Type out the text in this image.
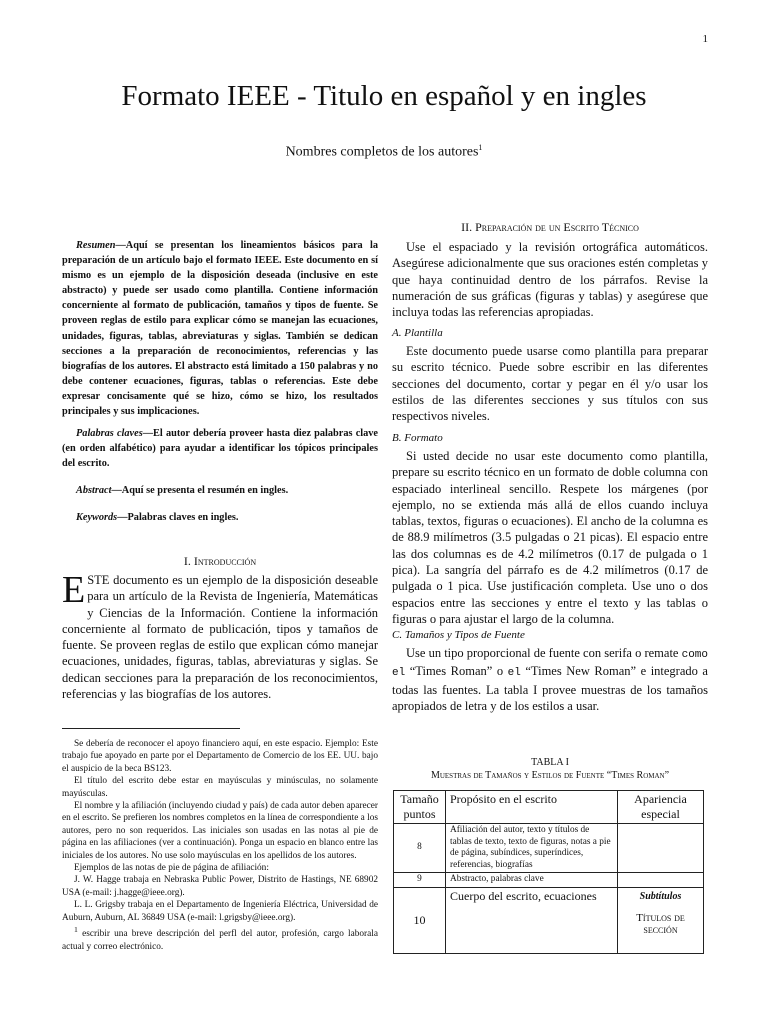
1
Formato IEEE - Titulo en español y en ingles
Nombres completos de los autores$^1$

Resumen—Aquí se presentan los lineamientos básicos para la preparación de un artículo bajo el formato IEEE. Este documento en sí mismo es un ejemplo de la disposición deseada (inclusive en este abstracto) y puede ser usado como plantilla. Contiene información concerniente al formato de publicación, tamaños y tipos de fuente. Se proveen reglas de estilo para explicar cómo se manejan las ecuaciones, unidades, figuras, tablas, abreviaturas y siglas. También se dedican secciones a la preparación de reconocimientos, referencias y las biografías de los autores. El abstracto está limitado a 150 palabras y no debe contener ecuaciones, figuras, tablas o referencias. Este debe expresar concisamente qué se hizo, cómo se hizo, los resultados principales y sus implicaciones.

Palabras claves—El autor debería proveer hasta diez palabras clave (en orden alfabético) para ayudar a identificar los tópicos principales del escrito.

Abstract—Aquí se presenta el resumén en ingles.

Keywords—Palabras claves en ingles.

I. Introducción

ESTE documento es un ejemplo de la disposición deseable para un artículo de la Revista de Ingeniería, Matemáticas y Ciencias de la Información. Contiene la información concerniente al formato de publicación, tipos y tamaños de fuente. Se proveen reglas de estilo que explican cómo manejar ecuaciones, unidades, figuras, tablas, abreviaturas y siglas. Se dedican secciones para la preparación de los reconocimientos, referencias y las biografías de los autores.

Se debería de reconocer el apoyo financiero aquí, en este espacio. Ejemplo: Este trabajo fue apoyado en parte por el Departamento de Comercio de los EE. UU. bajo el auspicio de la beca BS123.

El título del escrito debe estar en mayúsculas y minúsculas, no solamente mayúsculas.

El nombre y la afiliación (incluyendo ciudad y país) de cada autor deben aparecer en el escrito. Se prefieren los nombres completos en la línea de correspondiente a los autores, pero no son requeridos. Las iniciales son usadas en las notas al pie de página en las afiliaciones (ver a continuación). Ponga un espacio en blanco entre las iniciales de los autores. No use solo mayúsculas en los apellidos de los autores.

Ejemplos de las notas de pie de página de afiliación:

J. W. Hagge trabaja en Nebraska Public Power, Distrito de Hastings, NE 68902 USA (e-mail: j.hagge@ieee.org).

L. L. Grigsby trabaja en el Departamento de Ingeniería Eléctrica, Universidad de Auburn, Auburn, AL 36849 USA (e-mail: l.grigsby@ieee.org).

$^1$ escribir una breve descripción del perfl del autor, profesión, cargo laborala actual y correo electrónico.

II. Preparación de un Escrito Técnico

Use el espaciado y la revisión ortográfica automáticos. Asegúrese adicionalmente que sus oraciones estén completas y que haya continuidad dentro de los párrafos. Revise la numeración de sus gráficas (figuras y tablas) y asegúrese que incluya todas las referencias apropiadas.

A. Plantilla

Este documento puede usarse como plantilla para preparar su escrito técnico. Puede sobre escribir en las diferentes secciones del documento, cortar y pegar en él y/o usar los estilos de las diferentes secciones y sus títulos con sus respectivos niveles.

B. Formato

Si usted decide no usar este documento como plantilla, prepare su escrito técnico en un formato de doble columna con espaciado interlineal sencillo. Respete los márgenes (por ejemplo, no se extienda más allá de ellos cuando incluya tablas, textos, figuras o ecuaciones). El ancho de la columna es de 88.9 milímetros (3.5 pulgadas o 21 picas). El espacio entre las dos columnas es de 4.2 milímetros (0.17 de pulgada o 1 pica). La sangría del párrafo es de 4.2 milímetros (0.17 de pulgada o 1 pica. Use justificación completa. Use uno o dos espacios entre las secciones y entre el texto y las tablas o figuras o para ajustar el largo de la columna.

C. Tamaños y Tipos de Fuente

Use un tipo proporcional de fuente con serifa o remate como el “Times Roman” o el “Times New Roman” e integrado a todas las fuentes. La tabla I provee muestras de los tamaños apropiados de letra y de los estilos a usar.

TABLA I

Muestras de Tamaños y Estilos de Fuente “Times Roman”

Tamaño puntos	Propósito en el escrito	Apariencia especial
8	Afiliación del autor, texto y títulos de tablas de texto, texto de figuras, notas a pie de página, subíndices, superíndices, referencias, biografías	
9	Abstracto, palabras clave	
10	Cuerpo del escrito, ecuaciones	Subtítulos
Títulos de sección
